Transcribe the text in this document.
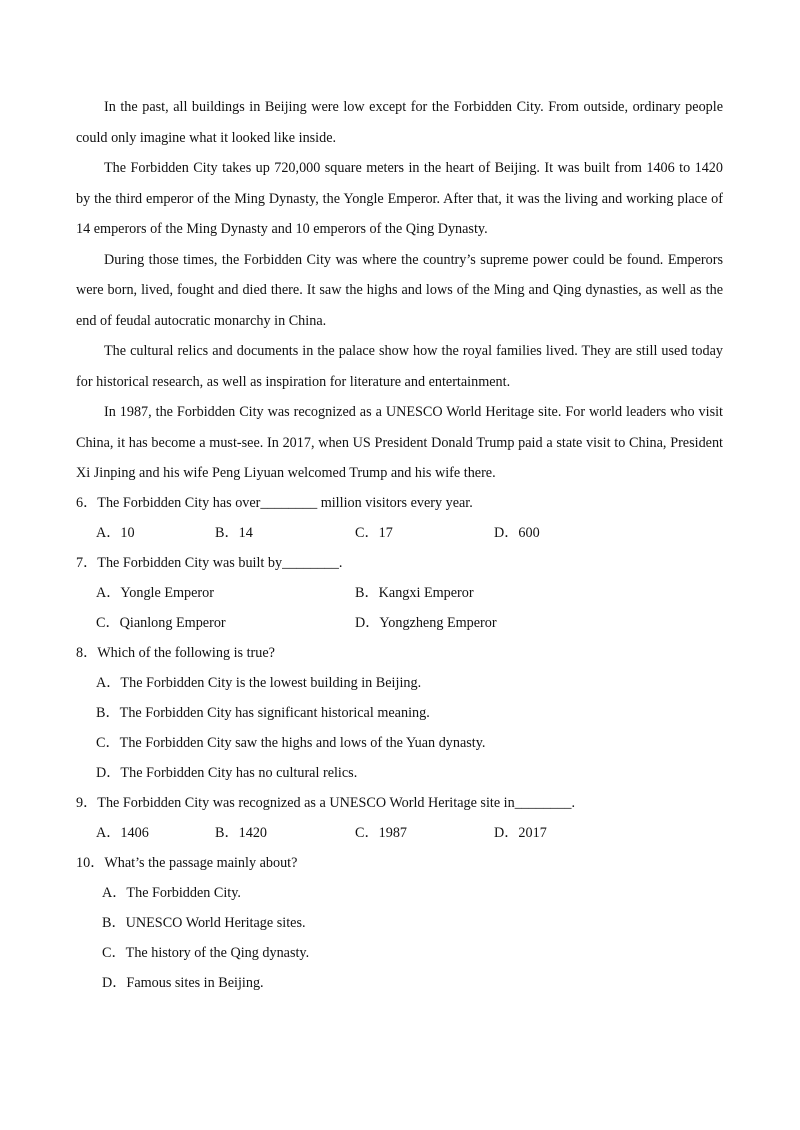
In the past, all buildings in Beijing were low except for the Forbidden City. From outside, ordinary people could only imagine what it looked like inside.

The Forbidden City takes up 720,000 square meters in the heart of Beijing. It was built from 1406 to 1420 by the third emperor of the Ming Dynasty, the Yongle Emperor. After that, it was the living and working place of 14 emperors of the Ming Dynasty and 10 emperors of the Qing Dynasty.

During those times, the Forbidden City was where the country’s supreme power could be found. Emperors were born, lived, fought and died there. It saw the highs and lows of the Ming and Qing dynasties, as well as the end of feudal autocratic monarchy in China.

The cultural relics and documents in the palace show how the royal families lived. They are still used today for historical research, as well as inspiration for literature and entertainment.

In 1987, the Forbidden City was recognized as a UNESCO World Heritage site. For world leaders who visit China, it has become a must-see. In 2017, when US President Donald Trump paid a state visit to China, President Xi Jinping and his wife Peng Liyuan welcomed Trump and his wife there.

6．The Forbidden City has over________ million visitors every year.
A．10	B．14	C．17	D．600
7．The Forbidden City was built by________.
A．Yongle Emperor	B．Kangxi Emperor
C．Qianlong Emperor	D．Yongzheng Emperor
8．Which of the following is true?
A．The Forbidden City is the lowest building in Beijing.
B．The Forbidden City has significant historical meaning.
C．The Forbidden City saw the highs and lows of the Yuan dynasty.
D．The Forbidden City has no cultural relics.
9．The Forbidden City was recognized as a UNESCO World Heritage site in________.
A．1406	B．1420	C．1987	D．2017
10．What’s the passage mainly about?
A．The Forbidden City.
B．UNESCO World Heritage sites.
C．The history of the Qing dynasty.
D．Famous sites in Beijing.
